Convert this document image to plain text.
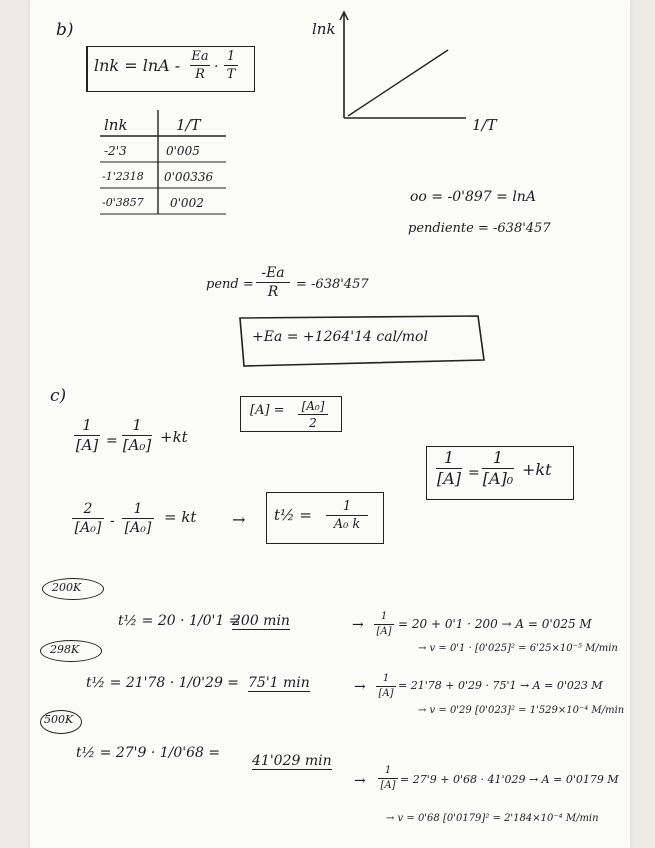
b)
lnk = lnA - Ea
R ·
1
T
lnk
1/T
lnk	1/T
-2'3	0'005
-1'2318 0'00336
-0'3857 0'002	oo = -0'897 = lnA
pendiente = -638'457
pend =
-Ea
R	= -638'457
+Ea = +1264'14 cal/mol
c)
[A] = [A₀]
2
1
[A] =
1
[A₀] +kt
1
[A] =
1
[A]₀ +kt
2
[A₀] -
1
[A₀]
= kt → t½ =	1
A₀ k
200K
t½ = 20 · 1/0'1 =
200 min	→
1
[A]
= 20 + 0'1 · 200 → A = 0'025 M
→ v = 0'1 · [0'025]² = 6'25×10⁻⁵ M/min
298K
t½ = 21'78 · 1/0'29 = 75'1 min	→
1
[A]
= 21'78 + 0'29 · 75'1 → A = 0'023 M
→ v = 0'29 [0'023]² = 1'529×10⁻⁴ M/min
500K
t½ = 27'9 · 1/0'68 = 41'029 min
→
1
[A] = 27'9 + 0'68 · 41'029 → A = 0'0179 M
→ v = 0'68 [0'0179]² = 2'184×10⁻⁴ M/min
